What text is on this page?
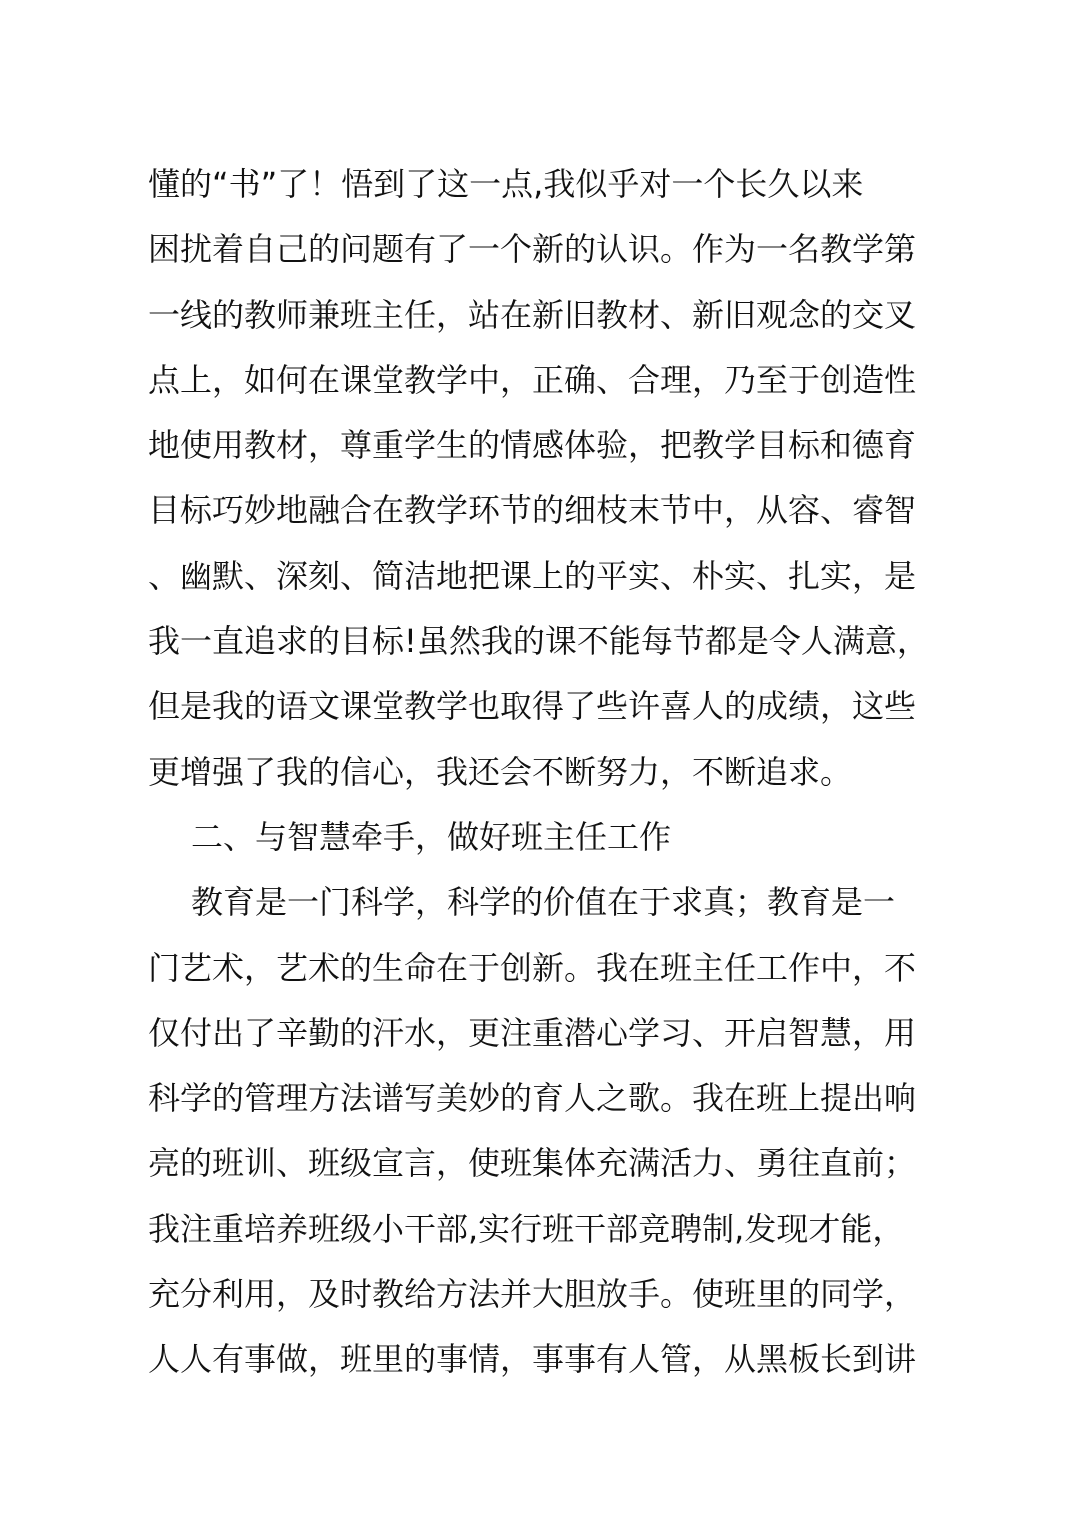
懂的“书”了！悟到了这一点,我似乎对一个长久以来
困扰着自己的问题有了一个新的认识。作为一名教学第
一线的教师兼班主任，站在新旧教材、新旧观念的交叉
点上，如何在课堂教学中，正确、合理，乃至于创造性
地使用教材，尊重学生的情感体验，把教学目标和德育
目标巧妙地融合在教学环节的细枝末节中，从容、睿智
、幽默、深刻、简洁地把课上的平实、朴实、扎实，是
我一直追求的目标!虽然我的课不能每节都是令人满意，
但是我的语文课堂教学也取得了些许喜人的成绩，这些
更增强了我的信心，我还会不断努力，不断追求。
二、与智慧牵手，做好班主任工作
教育是一门科学，科学的价值在于求真；教育是一
门艺术，艺术的生命在于创新。我在班主任工作中，不
仅付出了辛勤的汗水，更注重潜心学习、开启智慧，用
科学的管理方法谱写美妙的育人之歌。我在班上提出响
亮的班训、班级宣言，使班集体充满活力、勇往直前；
我注重培养班级小干部,实行班干部竞聘制,发现才能，
充分利用，及时教给方法并大胆放手。使班里的同学，
人人有事做，班里的事情，事事有人管，从黑板长到讲
